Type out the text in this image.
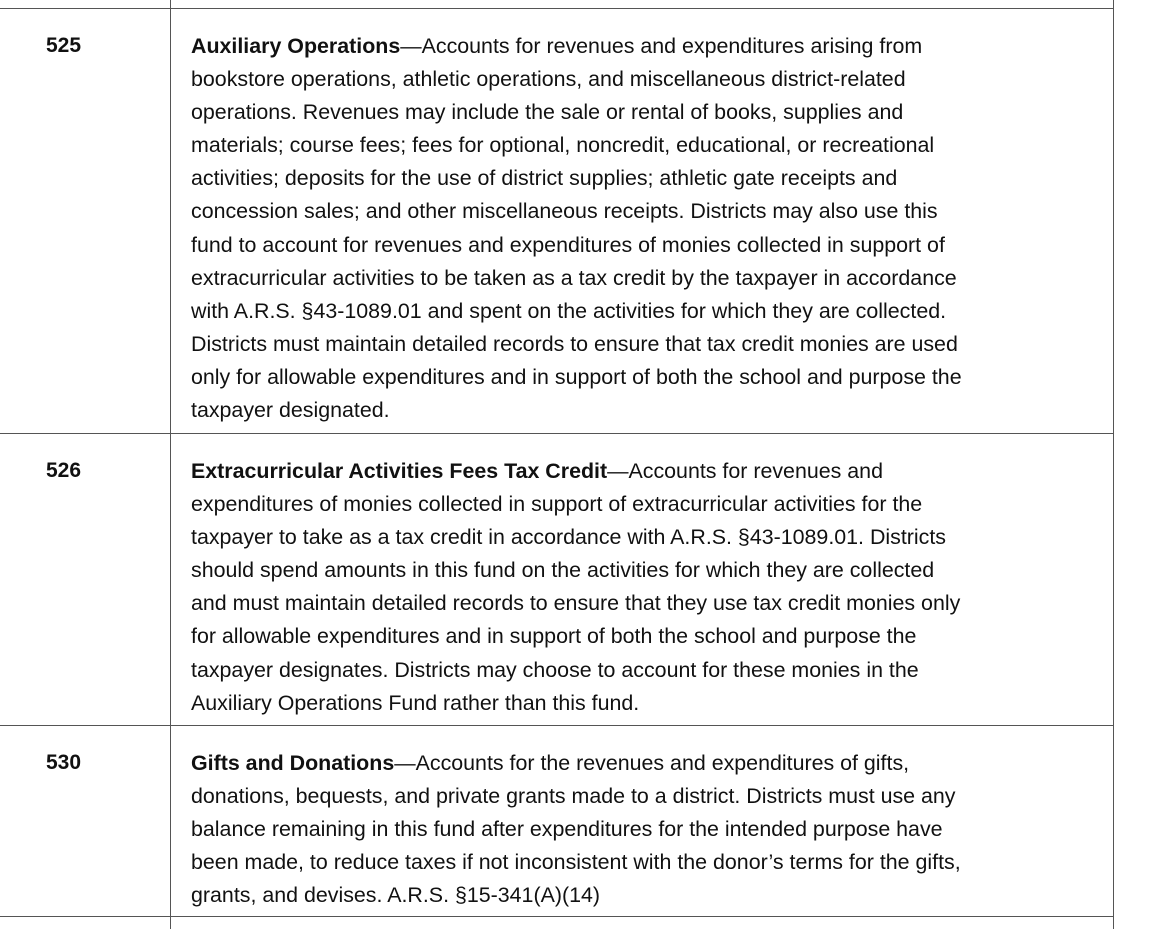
525	Auxiliary Operations—Accounts for revenues and expenditures arising from
bookstore operations, athletic operations, and miscellaneous district-related
operations. Revenues may include the sale or rental of books, supplies and
materials; course fees; fees for optional, noncredit, educational, or recreational
activities; deposits for the use of district supplies; athletic gate receipts and
concession sales; and other miscellaneous receipts. Districts may also use this
fund to account for revenues and expenditures of monies collected in support of
extracurricular activities to be taken as a tax credit by the taxpayer in accordance
with A.R.S. §43-1089.01 and spent on the activities for which they are collected.
Districts must maintain detailed records to ensure that tax credit monies are used
only for allowable expenditures and in support of both the school and purpose the
taxpayer designated.
526	Extracurricular Activities Fees Tax Credit—Accounts for revenues and
expenditures of monies collected in support of extracurricular activities for the
taxpayer to take as a tax credit in accordance with A.R.S. §43-1089.01. Districts
should spend amounts in this fund on the activities for which they are collected
and must maintain detailed records to ensure that they use tax credit monies only
for allowable expenditures and in support of both the school and purpose the
taxpayer designates. Districts may choose to account for these monies in the
Auxiliary Operations Fund rather than this fund.
530	Gifts and Donations—Accounts for the revenues and expenditures of gifts,
donations, bequests, and private grants made to a district. Districts must use any
balance remaining in this fund after expenditures for the intended purpose have
been made, to reduce taxes if not inconsistent with the donor’s terms for the gifts,
grants, and devises. A.R.S. §15-341(A)(14)
